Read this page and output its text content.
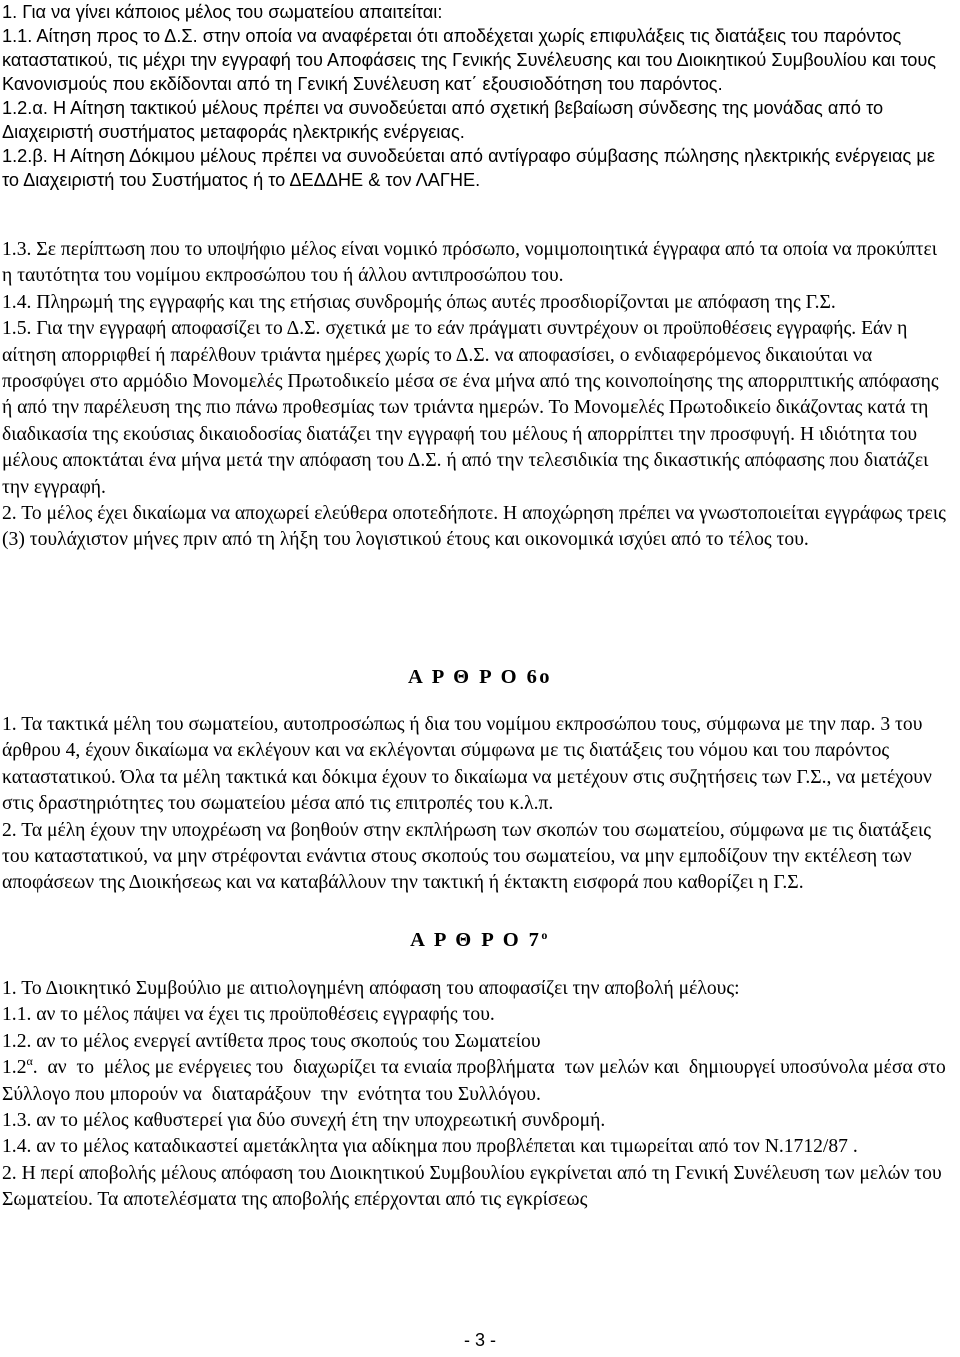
1. Για να γίνει κάποιος μέλος του σωματείου απαιτείται:

1.1. Αίτηση προς το Δ.Σ. στην οποία να αναφέρεται ότι αποδέχεται χωρίς επιφυλάξεις τις διατάξεις του παρόντος καταστατικού, τις μέχρι την εγγραφή του Αποφάσεις της Γενικής Συνέλευσης και του Διοικητικού Συμβουλίου και τους Κανονισμούς που εκδίδονται από τη Γενική Συνέλευση κατ΄ εξουσιοδότηση του παρόντος.

1.2.α. Η Αίτηση τακτικού μέλους πρέπει να συνοδεύεται από σχετική βεβαίωση σύνδεσης της μονάδας από το Διαχειριστή συστήματος μεταφοράς ηλεκτρικής ενέργειας.

1.2.β. Η Αίτηση Δόκιμου μέλους πρέπει να συνοδεύεται από αντίγραφο σύμβασης πώλησης ηλεκτρικής ενέργειας με το Διαχειριστή του Συστήματος ή το ΔΕΔΔΗΕ & τον ΛΑΓΗΕ.

1.3. Σε περίπτωση που το υποψήφιο μέλος είναι νομικό πρόσωπο, νομιμοποιητικά έγγραφα από τα οποία να προκύπτει η ταυτότητα του νομίμου εκπροσώπου του ή άλλου αντιπροσώπου του.

1.4. Πληρωμή της εγγραφής και της ετήσιας συνδρομής όπως αυτές προσδιορίζονται με απόφαση της Γ.Σ.

1.5. Για την εγγραφή αποφασίζει το Δ.Σ. σχετικά με το εάν πράγματι συντρέχουν οι προϋποθέσεις εγγραφής. Εάν η αίτηση απορριφθεί ή παρέλθουν τριάντα ημέρες χωρίς το Δ.Σ. να αποφασίσει, ο ενδιαφερόμενος δικαιούται να προσφύγει στο αρμόδιο Μονομελές Πρωτοδικείο μέσα σε ένα μήνα από της κοινοποίησης της απορριπτικής απόφασης ή από την παρέλευση της πιο πάνω προθεσμίας των τριάντα ημερών. Το Μονομελές Πρωτοδικείο δικάζοντας κατά τη διαδικασία της εκούσιας δικαιοδοσίας διατάζει την εγγραφή του μέλους ή απορρίπτει την προσφυγή. Η ιδιότητα του μέλους αποκτάται ένα μήνα μετά την απόφαση του Δ.Σ. ή από την τελεσιδικία της δικαστικής απόφασης που διατάζει την εγγραφή.

2. Το μέλος έχει δικαίωμα να αποχωρεί ελεύθερα οποτεδήποτε. Η αποχώρηση πρέπει να γνωστοποιείται εγγράφως τρεις (3) τουλάχιστον μήνες πριν από τη λήξη του λογιστικού έτους και οικονομικά ισχύει από το τέλος του.

Α Ρ Θ Ρ Ο 6ο

1. Τα τακτικά μέλη του σωματείου, αυτοπροσώπως ή δια του νομίμου εκπροσώπου τους, σύμφωνα με την παρ. 3 του άρθρου 4, έχουν δικαίωμα να εκλέγουν και να εκλέγονται σύμφωνα με τις διατάξεις του νόμου και του παρόντος καταστατικού. Όλα τα μέλη τακτικά και δόκιμα έχουν το δικαίωμα να μετέχουν στις συζητήσεις των Γ.Σ., να μετέχουν στις δραστηριότητες του σωματείου μέσα από τις επιτροπές του κ.λ.π.

2. Τα μέλη έχουν την υποχρέωση να βοηθούν στην εκπλήρωση των σκοπών του σωματείου, σύμφωνα με τις διατάξεις του καταστατικού, να μην στρέφονται ενάντια στους σκοπούς του σωματείου, να μην εμποδίζουν την εκτέλεση των αποφάσεων της Διοικήσεως και να καταβάλλουν την τακτική ή έκτακτη εισφορά που καθορίζει η Γ.Σ.

Α Ρ Θ Ρ Ο $7^o$

1. Το Διοικητικό Συμβούλιο με αιτιολογημένη απόφαση του αποφασίζει την αποβολή μέλους:

1.1. αν το μέλος πάψει να έχει τις προϋποθέσεις εγγραφής του.

1.2. αν το μέλος ενεργεί αντίθετα προς τους σκοπούς του Σωματείου

$1.2^\alpha$.  αν  το  μέλος με ενέργειες του  διαχωρίζει τα ενιαία προβλήματα  των μελών και  δημιουργεί υποσύνολα μέσα στο Σύλλογο που μπορούν να  διαταράξουν  την  ενότητα του Συλλόγου.

1.3. αν το μέλος καθυστερεί για δύο συνεχή έτη την υποχρεωτική συνδρομή.

1.4. αν το μέλος καταδικαστεί αμετάκλητα για αδίκημα που προβλέπεται και τιμωρείται από τον Ν.1712/87 .

2. Η περί αποβολής μέλους απόφαση του Διοικητικού Συμβουλίου εγκρίνεται από τη Γενική Συνέλευση των μελών του Σωματείου. Τα αποτελέσματα της αποβολής επέρχονται από τις εγκρίσεως

- 3 -
